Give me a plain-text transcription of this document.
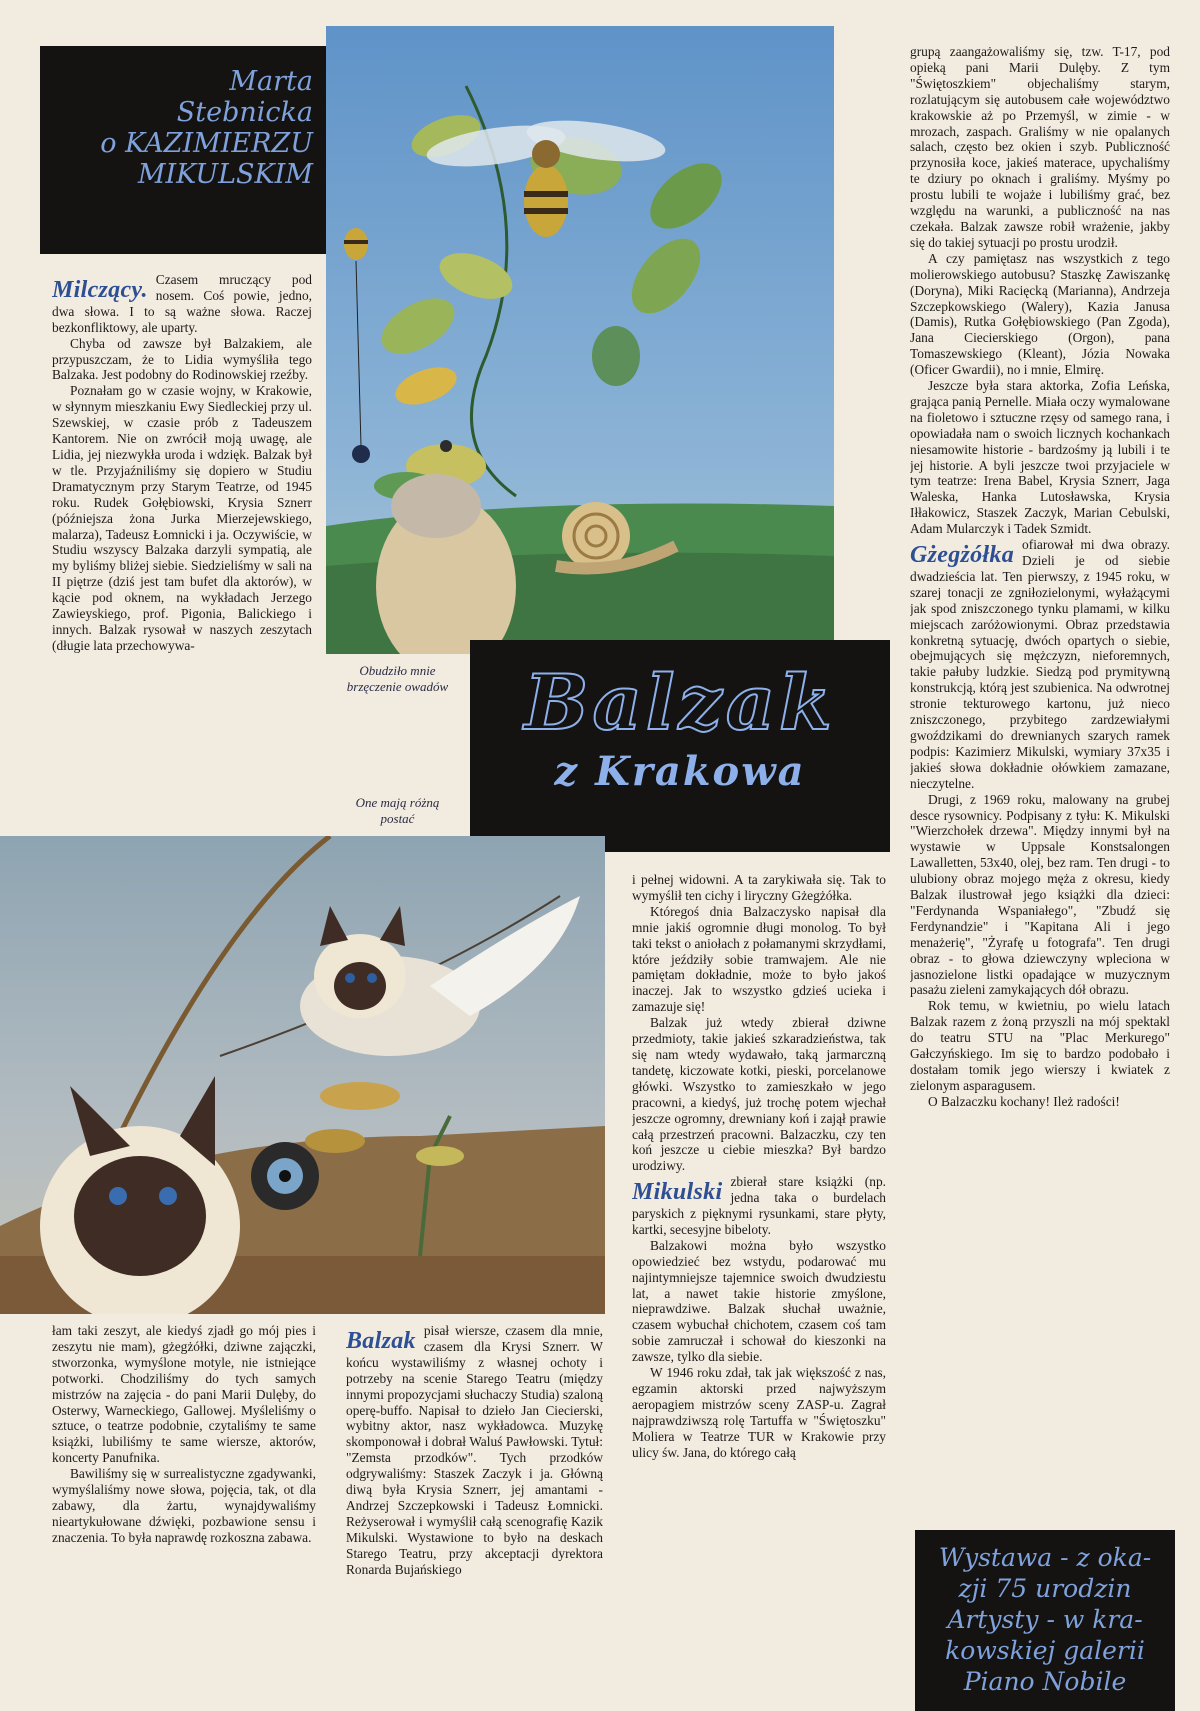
Marta
Stebnicka
o KAZIMIERZU
MIKULSKIM
Balzak
z Krakowa
Obudziło mnie
brzęczenie owadów
One mają różną
postać

Milczący. Czasem mruczący pod nosem. Coś powie, jedno, dwa słowa. I to są ważne słowa. Raczej bezkonfliktowy, ale uparty.

Chyba od zawsze był Balzakiem, ale przypuszczam, że to Lidia wymyśliła tego Balzaka. Jest podobny do Rodinowskiej rzeźby.

Poznałam go w czasie wojny, w Krakowie, w słynnym mieszkaniu Ewy Siedleckiej przy ul. Szewskiej, w czasie prób z Tadeuszem Kantorem. Nie on zwrócił moją uwagę, ale Lidia, jej niezwykła uroda i wdzięk. Balzak był w tle. Przyjaźniliśmy się dopiero w Studiu Dramatycznym przy Starym Teatrze, od 1945 roku. Rudek Gołębiowski, Krysia Sznerr (późniejsza żona Jurka Mierzejewskiego, malarza), Tadeusz Łomnicki i ja. Oczywiście, w Studiu wszyscy Balzaka darzyli sympatią, ale my byliśmy bliżej siebie. Siedzieliśmy w sali na II piętrze (dziś jest tam bufet dla aktorów), w kącie pod oknem, na wykładach Jerzego Zawieyskiego, prof. Pigonia, Balickiego i innych. Balzak rysował w naszych zeszytach (długie lata przechowywa-

łam taki zeszyt, ale kiedyś zjadł go mój pies i zeszytu nie mam), gżegżółki, dziwne zajączki, stworzonka, wymyślone motyle, nie istniejące potworki. Chodziliśmy do tych samych mistrzów na zajęcia - do pani Marii Dulęby, do Osterwy, Warneckiego, Gallowej. Myśleliśmy o sztuce, o teatrze podobnie, czytaliśmy te same książki, lubiliśmy te same wiersze, aktorów, koncerty Panufnika.

Bawiliśmy się w surrealistyczne zgadywanki, wymyślaliśmy nowe słowa, pojęcia, tak, ot dla zabawy, dla żartu, wynajdywaliśmy nieartykułowane dźwięki, pozbawione sensu i znaczenia. To była naprawdę rozkoszna zabawa.

Balzak pisał wiersze, czasem dla mnie, czasem dla Krysi Sznerr. W końcu wystawiliśmy z własnej ochoty i potrzeby na scenie Starego Teatru (między innymi propozycjami słuchaczy Studia) szaloną operę-buffo. Napisał to dzieło Jan Ciecierski, wybitny aktor, nasz wykładowca. Muzykę skomponował i dobrał Waluś Pawłowski. Tytuł: "Zemsta przodków". Tych przodków odgrywaliśmy: Staszek Zaczyk i ja. Główną diwą była Krysia Sznerr, jej amantami - Andrzej Szczepkowski i Tadeusz Łomnicki. Reżyserował i wymyślił całą scenografię Kazik Mikulski. Wystawione to było na deskach Starego Teatru, przy akceptacji dyrektora Ronarda Bujańskiego

i pełnej widowni. A ta zarykiwała się. Tak to wymyślił ten cichy i liryczny Gżegżółka.

Któregoś dnia Balzaczysko napisał dla mnie jakiś ogromnie długi monolog. To był taki tekst o aniołach z połamanymi skrzydłami, które jeździły sobie tramwajem. Ale nie pamiętam dokładnie, może to było jakoś inaczej. Jak to wszystko gdzieś ucieka i zamazuje się!

Balzak już wtedy zbierał dziwne przedmioty, takie jakieś szkaradzieństwa, tak się nam wtedy wydawało, taką jarmarczną tandetę, kiczowate kotki, pieski, porcelanowe główki. Wszystko to zamieszkało w jego pracowni, a kiedyś, już trochę potem wjechał jeszcze ogromny, drewniany koń i zajął prawie całą przestrzeń pracowni. Balzaczku, czy ten koń jeszcze u ciebie mieszka? Był bardzo urodziwy.

Mikulski zbierał stare książki (np. jedna taka o burdelach paryskich z pięknymi rysunkami, stare płyty, kartki, secesyjne bibeloty.

Balzakowi można było wszystko opowiedzieć bez wstydu, podarować mu najintymniejsze tajemnice swoich dwudziestu lat, a nawet takie historie zmyślone, nieprawdziwe. Balzak słuchał uważnie, czasem wybuchał chichotem, czasem coś tam sobie zamruczał i schował do kieszonki na zawsze, tylko dla siebie.

W 1946 roku zdał, tak jak większość z nas, egzamin aktorski przed najwyższym aeropagiem mistrzów sceny ZASP-u. Zagrał najprawdziwszą rolę Tartuffa w "Świętoszku" Moliera w Teatrze TUR w Krakowie przy ulicy św. Jana, do którego całą

grupą zaangażowaliśmy się, tzw. T-17, pod opieką pani Marii Dulęby. Z tym "Świętoszkiem" objechaliśmy starym, rozlatującym się autobusem całe województwo krakowskie aż po Przemyśl, w zimie - w mrozach, zaspach. Graliśmy w nie opalanych salach, często bez okien i szyb. Publiczność przynosiła koce, jakieś materace, upychaliśmy te dziury po oknach i graliśmy. Myśmy po prostu lubili te wojaże i lubiliśmy grać, bez względu na warunki, a publiczność na nas czekała. Balzak zawsze robił wrażenie, jakby się do takiej sytuacji po prostu urodził.

A czy pamiętasz nas wszystkich z tego molierowskiego autobusu? Staszkę Zawiszankę (Doryna), Miki Racięcką (Marianna), Andrzeja Szczepkowskiego (Walery), Kazia Janusa (Damis), Rutka Gołębiowskiego (Pan Zgoda), Jana Ciecierskiego (Orgon), pana Tomaszewskiego (Kleant), Józia Nowaka (Oficer Gwardii), no i mnie, Elmirę.

Jeszcze była stara aktorka, Zofia Leńska, grająca panią Pernelle. Miała oczy wymalowane na fioletowo i sztuczne rzęsy od samego rana, i opowiadała nam o swoich licznych kochankach niesamowite historie - bardzośmy ją lubili i te jej historie. A byli jeszcze twoi przyjaciele w tym teatrze: Irena Babel, Krysia Sznerr, Jaga Waleska, Hanka Lutosławska, Krysia Iłłakowicz, Staszek Zaczyk, Marian Cebulski, Adam Mularczyk i Tadek Szmidt.

Gżegżółka ofiarował mi dwa obrazy. Dzieli je od siebie dwadzieścia lat. Ten pierwszy, z 1945 roku, w szarej tonacji ze zgniłozielonymi, wyłażącymi jak spod zniszczonego tynku plamami, w kilku miejscach zaróżowionymi. Obraz przedstawia konkretną sytuację, dwóch opartych o siebie, obejmujących się mężczyzn, nieforemnych, takie pałuby ludzkie. Siedzą pod prymitywną konstrukcją, którą jest szubienica. Na odwrotnej stronie tekturowego kartonu, już nieco zniszczonego, przybitego zardzewiałymi gwoździkami do drewnianych szarych ramek podpis: Kazimierz Mikulski, wymiary 37x35 i jakieś słowa dokładnie ołówkiem zamazane, nieczytelne.

Drugi, z 1969 roku, malowany na grubej desce rysownicy. Podpisany z tyłu: K. Mikulski "Wierzchołek drzewa". Między innymi był na wystawie w Uppsale Konstsalongen Lawalletten, 53x40, olej, bez ram. Ten drugi - to ulubiony obraz mojego męża z okresu, kiedy Balzak ilustrował jego książki dla dzieci: "Ferdynanda Wspaniałego", "Zbudź się Ferdynandzie" i "Kapitana Ali i jego menażerię", "Żyrafę u fotografa". Ten drugi obraz - to głowa dziewczyny wpleciona w jasnozielone listki opadające w muzycznym pasażu zieleni zamykających dół obrazu.

Rok temu, w kwietniu, po wielu latach Balzak razem z żoną przyszli na mój spektakl do teatru STU na "Plac Merkurego" Gałczyńskiego. Im się to bardzo podobało i dostałam tomik jego wierszy i kwiatek z zielonym asparagusem.

O Balzaczku kochany! Ileż radości!

Wystawa - z oka-
zji 75 urodzin
Artysty - w kra-
kowskiej galerii
Piano Nobile
